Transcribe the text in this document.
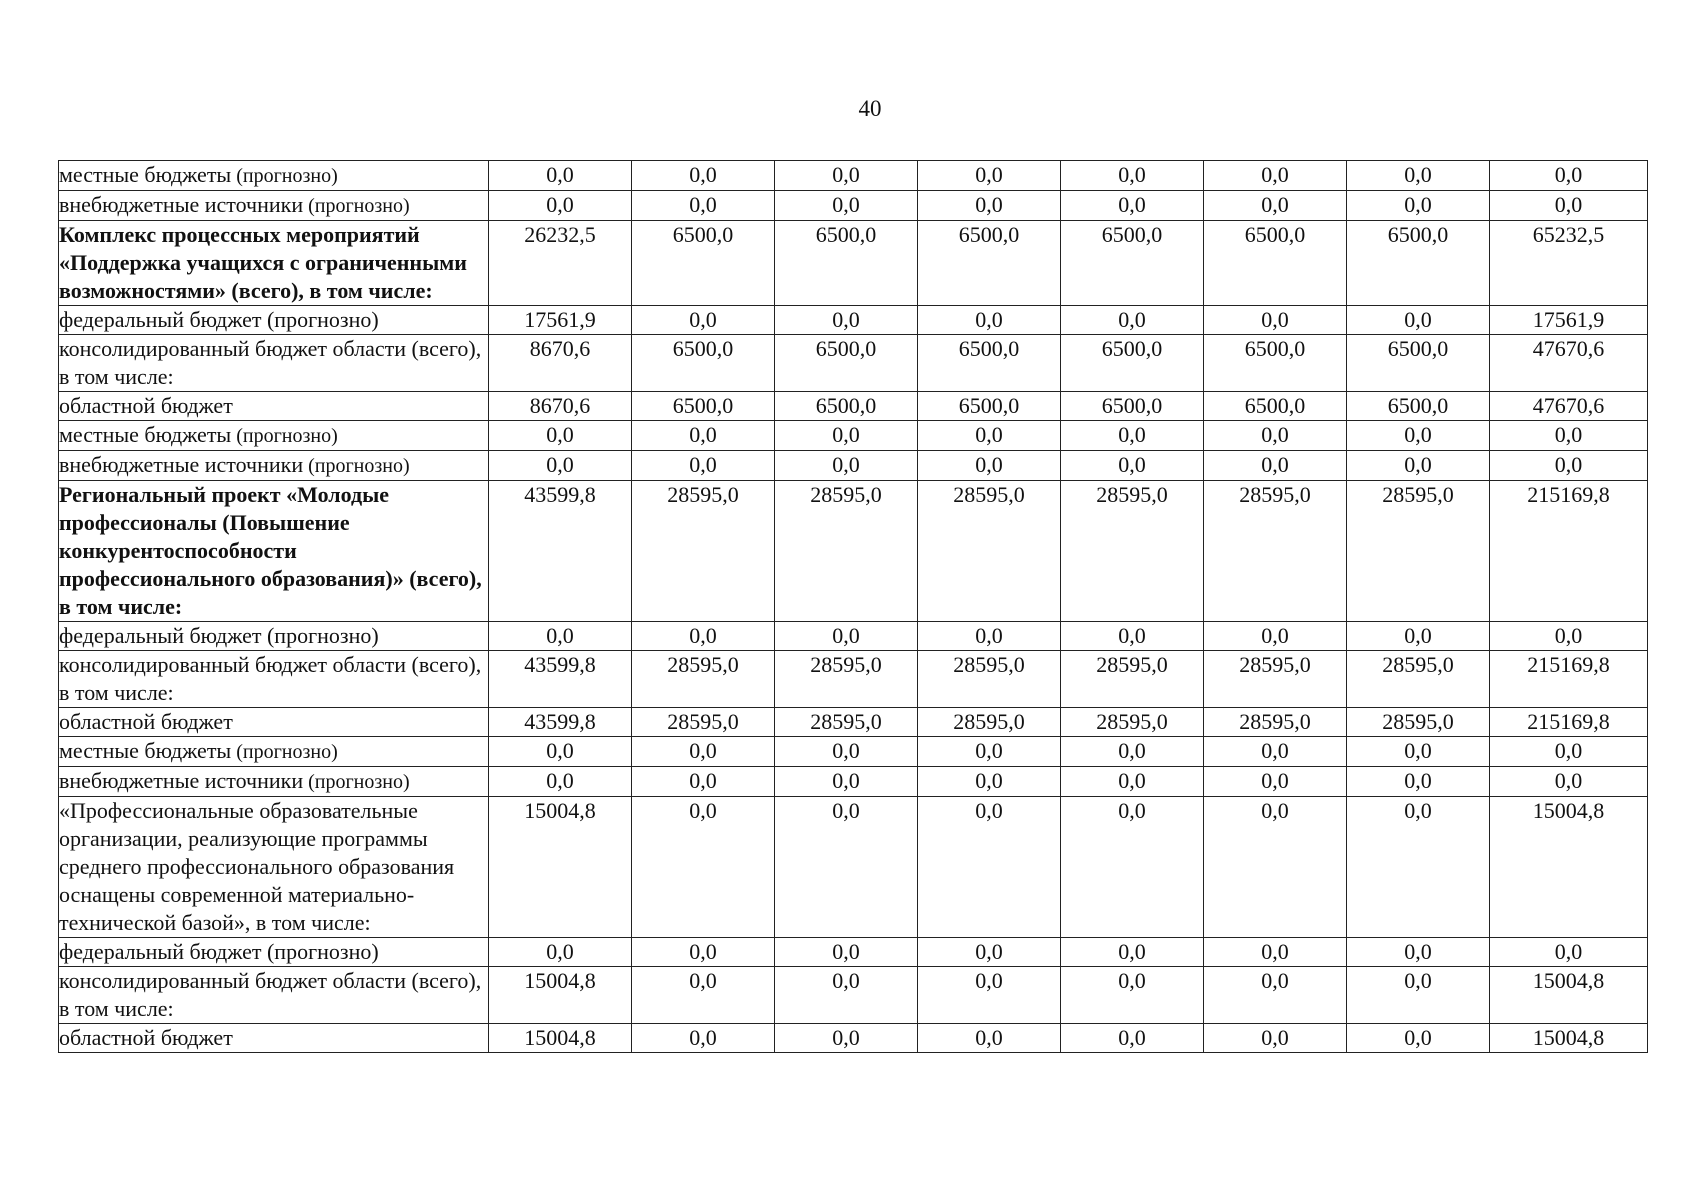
40
местные бюджеты (прогнозно)	0,0	0,0	0,0	0,0	0,0	0,0	0,0	0,0
внебюджетные источники (прогнозно)	0,0	0,0	0,0	0,0	0,0	0,0	0,0	0,0
Комплекс процессных мероприятий «Поддержка учащихся с ограниченными возможностями» (всего), в том числе:	26232,5	6500,0	6500,0	6500,0	6500,0	6500,0	6500,0	65232,5
федеральный бюджет (прогнозно)	17561,9	0,0	0,0	0,0	0,0	0,0	0,0	17561,9
консолидированный бюджет области (всего), в том числе:	8670,6	6500,0	6500,0	6500,0	6500,0	6500,0	6500,0	47670,6
областной бюджет	8670,6	6500,0	6500,0	6500,0	6500,0	6500,0	6500,0	47670,6
местные бюджеты (прогнозно)	0,0	0,0	0,0	0,0	0,0	0,0	0,0	0,0
внебюджетные источники (прогнозно)	0,0	0,0	0,0	0,0	0,0	0,0	0,0	0,0
Региональный проект «Молодые профессионалы (Повышение конкурентоспособности профессионального образования)» (всего), в том числе:	43599,8	28595,0	28595,0	28595,0	28595,0	28595,0	28595,0	215169,8
федеральный бюджет (прогнозно)	0,0	0,0	0,0	0,0	0,0	0,0	0,0	0,0
консолидированный бюджет области (всего), в том числе:	43599,8	28595,0	28595,0	28595,0	28595,0	28595,0	28595,0	215169,8
областной бюджет	43599,8	28595,0	28595,0	28595,0	28595,0	28595,0	28595,0	215169,8
местные бюджеты (прогнозно)	0,0	0,0	0,0	0,0	0,0	0,0	0,0	0,0
внебюджетные источники (прогнозно)	0,0	0,0	0,0	0,0	0,0	0,0	0,0	0,0
«Профессиональные образовательные организации, реализующие программы среднего профессионального образования оснащены современной материально-технической базой», в том числе:	15004,8	0,0	0,0	0,0	0,0	0,0	0,0	15004,8
федеральный бюджет (прогнозно)	0,0	0,0	0,0	0,0	0,0	0,0	0,0	0,0
консолидированный бюджет области (всего), в том числе:	15004,8	0,0	0,0	0,0	0,0	0,0	0,0	15004,8
областной бюджет	15004,8	0,0	0,0	0,0	0,0	0,0	0,0	15004,8
